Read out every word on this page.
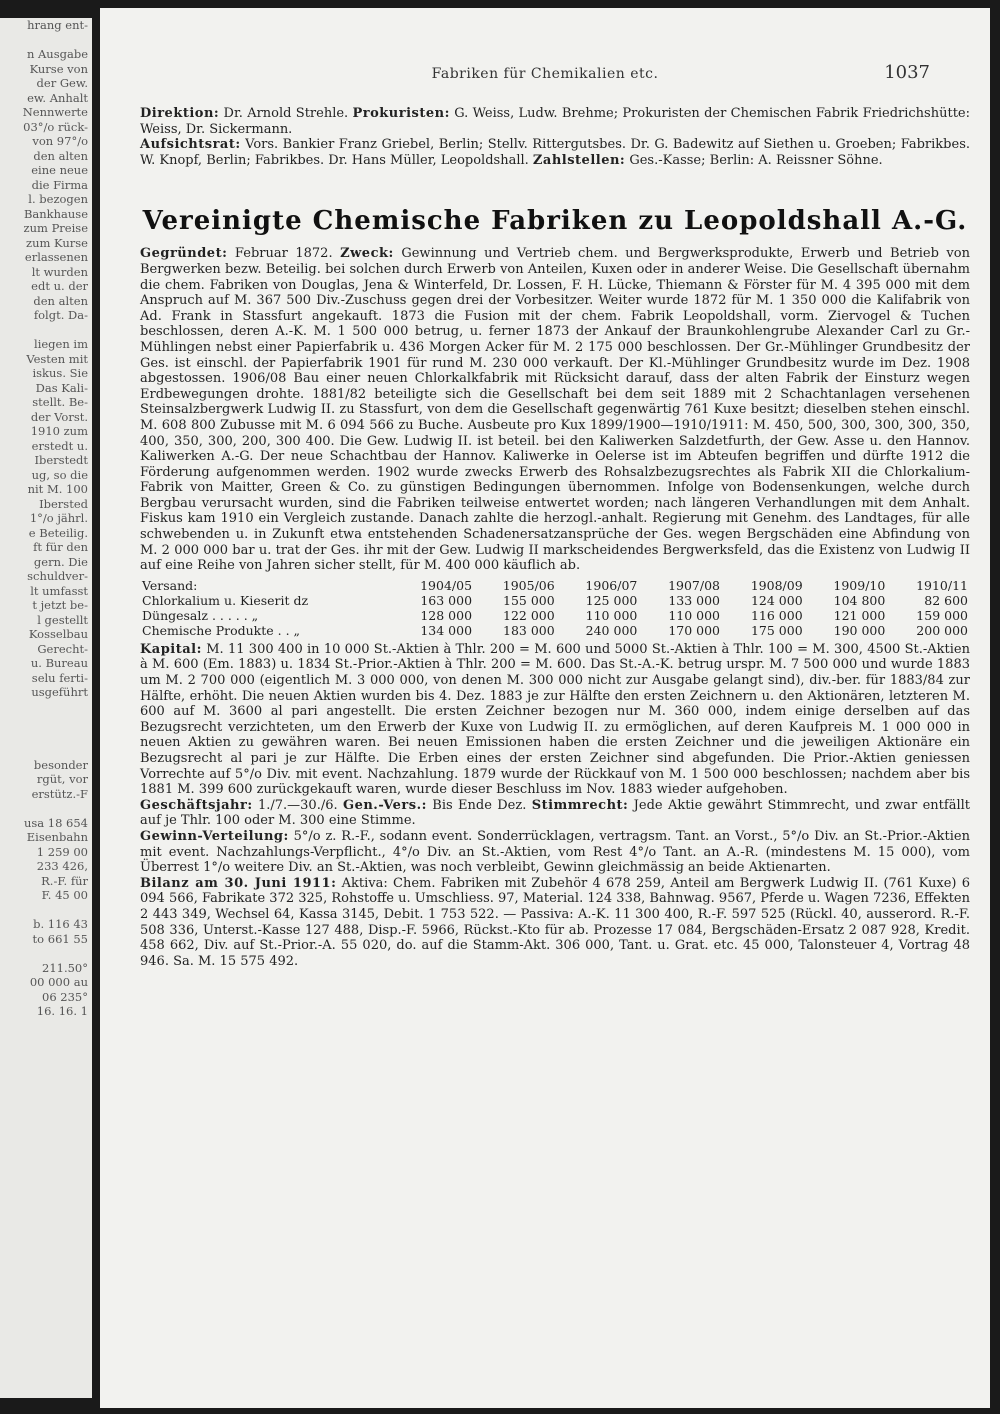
hrang ent-
n Ausgabe
Kurse von
der Gew.
ew. Anhalt
Nennwerte
03°/o rück-
von 97°/o
den alten
eine neue
die Firma
l. bezogen
Bankhause
zum Preise
zum Kurse
erlassenen
lt wurden
edt u. der
den alten
folgt. Da-
liegen im
Vesten mit
iskus. Sie
Das Kali-
stellt. Be-
der Vorst.
1910 zum
erstedt u.
Iberstedt
ug, so die
nit M. 100
Ibersted
1°/o jährl.
e Beteilig.
ft für den
gern. Die
schuldver-
lt umfasst
t jetzt be-
l gestellt
Kosselbau
Gerecht-
u. Bureau
selu ferti-
usgeführt
besonder
rgüt, vor
erstütz.-F
usa 18 654
Eisenbahn
1 259 00
233 426,
R.-F. für
F. 45 00
b. 116 43
to 661 55
211.50°
00 000 au
06 235°
16. 16. 1
Fabriken für Chemikalien etc.	1037
Direktion: Dr. Arnold Strehle. Prokuristen: G. Weiss, Ludw. Brehme; Prokuristen der Chemischen Fabrik Friedrichshütte: Weiss, Dr. Sickermann.
Aufsichtsrat: Vors. Bankier Franz Griebel, Berlin; Stellv. Rittergutsbes. Dr. G. Badewitz auf Siethen u. Groeben; Fabrikbes. W. Knopf, Berlin; Fabrikbes. Dr. Hans Müller, Leopoldshall. Zahlstellen: Ges.-Kasse; Berlin: A. Reissner Söhne.
Vereinigte Chemische Fabriken zu Leopoldshall A.-G.
Gegründet: Februar 1872. Zweck: Gewinnung und Vertrieb chem. und Bergwerksprodukte, Erwerb und Betrieb von Bergwerken bezw. Beteilig. bei solchen durch Erwerb von Anteilen, Kuxen oder in anderer Weise. Die Gesellschaft übernahm die chem. Fabriken von Douglas, Jena & Winterfeld, Dr. Lossen, F. H. Lücke, Thiemann & Förster für M. 4 395 000 mit dem Anspruch auf M. 367 500 Div.-Zuschuss gegen drei der Vorbesitzer. Weiter wurde 1872 für M. 1 350 000 die Kalifabrik von Ad. Frank in Stassfurt angekauft. 1873 die Fusion mit der chem. Fabrik Leopoldshall, vorm. Ziervogel & Tuchen beschlossen, deren A.-K. M. 1 500 000 betrug, u. ferner 1873 der Ankauf der Braunkohlengrube Alexander Carl zu Gr.-Mühlingen nebst einer Papierfabrik u. 436 Morgen Acker für M. 2 175 000 beschlossen. Der Gr.-Mühlinger Grundbesitz der Ges. ist einschl. der Papierfabrik 1901 für rund M. 230 000 verkauft. Der Kl.-Mühlinger Grundbesitz wurde im Dez. 1908 abgestossen. 1906/08 Bau einer neuen Chlorkalkfabrik mit Rücksicht darauf, dass der alten Fabrik der Einsturz wegen Erdbewegungen drohte. 1881/82 beteiligte sich die Gesellschaft bei dem seit 1889 mit 2 Schachtanlagen versehenen Steinsalzbergwerk Ludwig II. zu Stassfurt, von dem die Gesellschaft gegenwärtig 761 Kuxe besitzt; dieselben stehen einschl. M. 608 800 Zubusse mit M. 6 094 566 zu Buche. Ausbeute pro Kux 1899/1900—1910/1911: M. 450, 500, 300, 300, 300, 350, 400, 350, 300, 200, 300 400. Die Gew. Ludwig II. ist beteil. bei den Kaliwerken Salzdetfurth, der Gew. Asse u. den Hannov. Kaliwerken A.-G. Der neue Schachtbau der Hannov. Kaliwerke in Oelerse ist im Abteufen begriffen und dürfte 1912 die Förderung aufgenommen werden. 1902 wurde zwecks Erwerb des Rohsalzbezugsrechtes als Fabrik XII die Chlorkalium-Fabrik von Maitter, Green & Co. zu günstigen Bedingungen übernommen. Infolge von Bodensenkungen, welche durch Bergbau verursacht wurden, sind die Fabriken teilweise entwertet worden; nach längeren Verhandlungen mit dem Anhalt. Fiskus kam 1910 ein Vergleich zustande. Danach zahlte die herzogl.-anhalt. Regierung mit Genehm. des Landtages, für alle schwebenden u. in Zukunft etwa entstehenden Schadenersatzansprüche der Ges. wegen Bergschäden eine Abfindung von M. 2 000 000 bar u. trat der Ges. ihr mit der Gew. Ludwig II markscheidendes Bergwerksfeld, das die Existenz von Ludwig II auf eine Reihe von Jahren sicher stellt, für M. 400 000 käuflich ab.
Versand:	1904/05	1905/06	1906/07	1907/08	1908/09	1909/10	1910/11
Chlorkalium u. Kieserit dz	163 000	155 000	125 000	133 000	124 000	104 800	82 600
Düngesalz . . . . . „	128 000	122 000	110 000	110 000	116 000	121 000	159 000
Chemische Produkte . . „	134 000	183 000	240 000	170 000	175 000	190 000	200 000
Kapital: M. 11 300 400 in 10 000 St.-Aktien à Thlr. 200 = M. 600 und 5000 St.-Aktien à Thlr. 100 = M. 300, 4500 St.-Aktien à M. 600 (Em. 1883) u. 1834 St.-Prior.-Aktien à Thlr. 200 = M. 600. Das St.-A.-K. betrug urspr. M. 7 500 000 und wurde 1883 um M. 2 700 000 (eigentlich M. 3 000 000, von denen M. 300 000 nicht zur Ausgabe gelangt sind), div.-ber. für 1883/84 zur Hälfte, erhöht. Die neuen Aktien wurden bis 4. Dez. 1883 je zur Hälfte den ersten Zeichnern u. den Aktionären, letzteren M. 600 auf M. 3600 al pari angestellt. Die ersten Zeichner bezogen nur M. 360 000, indem einige derselben auf das Bezugsrecht verzichteten, um den Erwerb der Kuxe von Ludwig II. zu ermöglichen, auf deren Kaufpreis M. 1 000 000 in neuen Aktien zu gewähren waren. Bei neuen Emissionen haben die ersten Zeichner und die jeweiligen Aktionäre ein Bezugsrecht al pari je zur Hälfte. Die Erben eines der ersten Zeichner sind abgefunden. Die Prior.-Aktien geniessen Vorrechte auf 5°/o Div. mit event. Nachzahlung. 1879 wurde der Rückkauf von M. 1 500 000 beschlossen; nachdem aber bis 1881 M. 399 600 zurückgekauft waren, wurde dieser Beschluss im Nov. 1883 wieder aufgehoben.
Geschäftsjahr: 1./7.—30./6. Gen.-Vers.: Bis Ende Dez. Stimmrecht: Jede Aktie gewährt Stimmrecht, und zwar entfällt auf je Thlr. 100 oder M. 300 eine Stimme.
Gewinn-Verteilung: 5°/o z. R.-F., sodann event. Sonderrücklagen, vertragsm. Tant. an Vorst., 5°/o Div. an St.-Prior.-Aktien mit event. Nachzahlungs-Verpflicht., 4°/o Div. an St.-Aktien, vom Rest 4°/o Tant. an A.-R. (mindestens M. 15 000), vom Überrest 1°/o weitere Div. an St.-Aktien, was noch verbleibt, Gewinn gleichmässig an beide Aktienarten.
Bilanz am 30. Juni 1911: Aktiva: Chem. Fabriken mit Zubehör 4 678 259, Anteil am Bergwerk Ludwig II. (761 Kuxe) 6 094 566, Fabrikate 372 325, Rohstoffe u. Umschliess. 97, Material. 124 338, Bahnwag. 9567, Pferde u. Wagen 7236, Effekten 2 443 349, Wechsel 64, Kassa 3145, Debit. 1 753 522. — Passiva: A.-K. 11 300 400, R.-F. 597 525 (Rückl. 40, ausserord. R.-F. 508 336, Unterst.-Kasse 127 488, Disp.-F. 5966, Rückst.-Kto für ab. Prozesse 17 084, Bergschäden-Ersatz 2 087 928, Kredit. 458 662, Div. auf St.-Prior.-A. 55 020, do. auf die Stamm-Akt. 306 000, Tant. u. Grat. etc. 45 000, Talonsteuer 4, Vortrag 48 946. Sa. M. 15 575 492.
